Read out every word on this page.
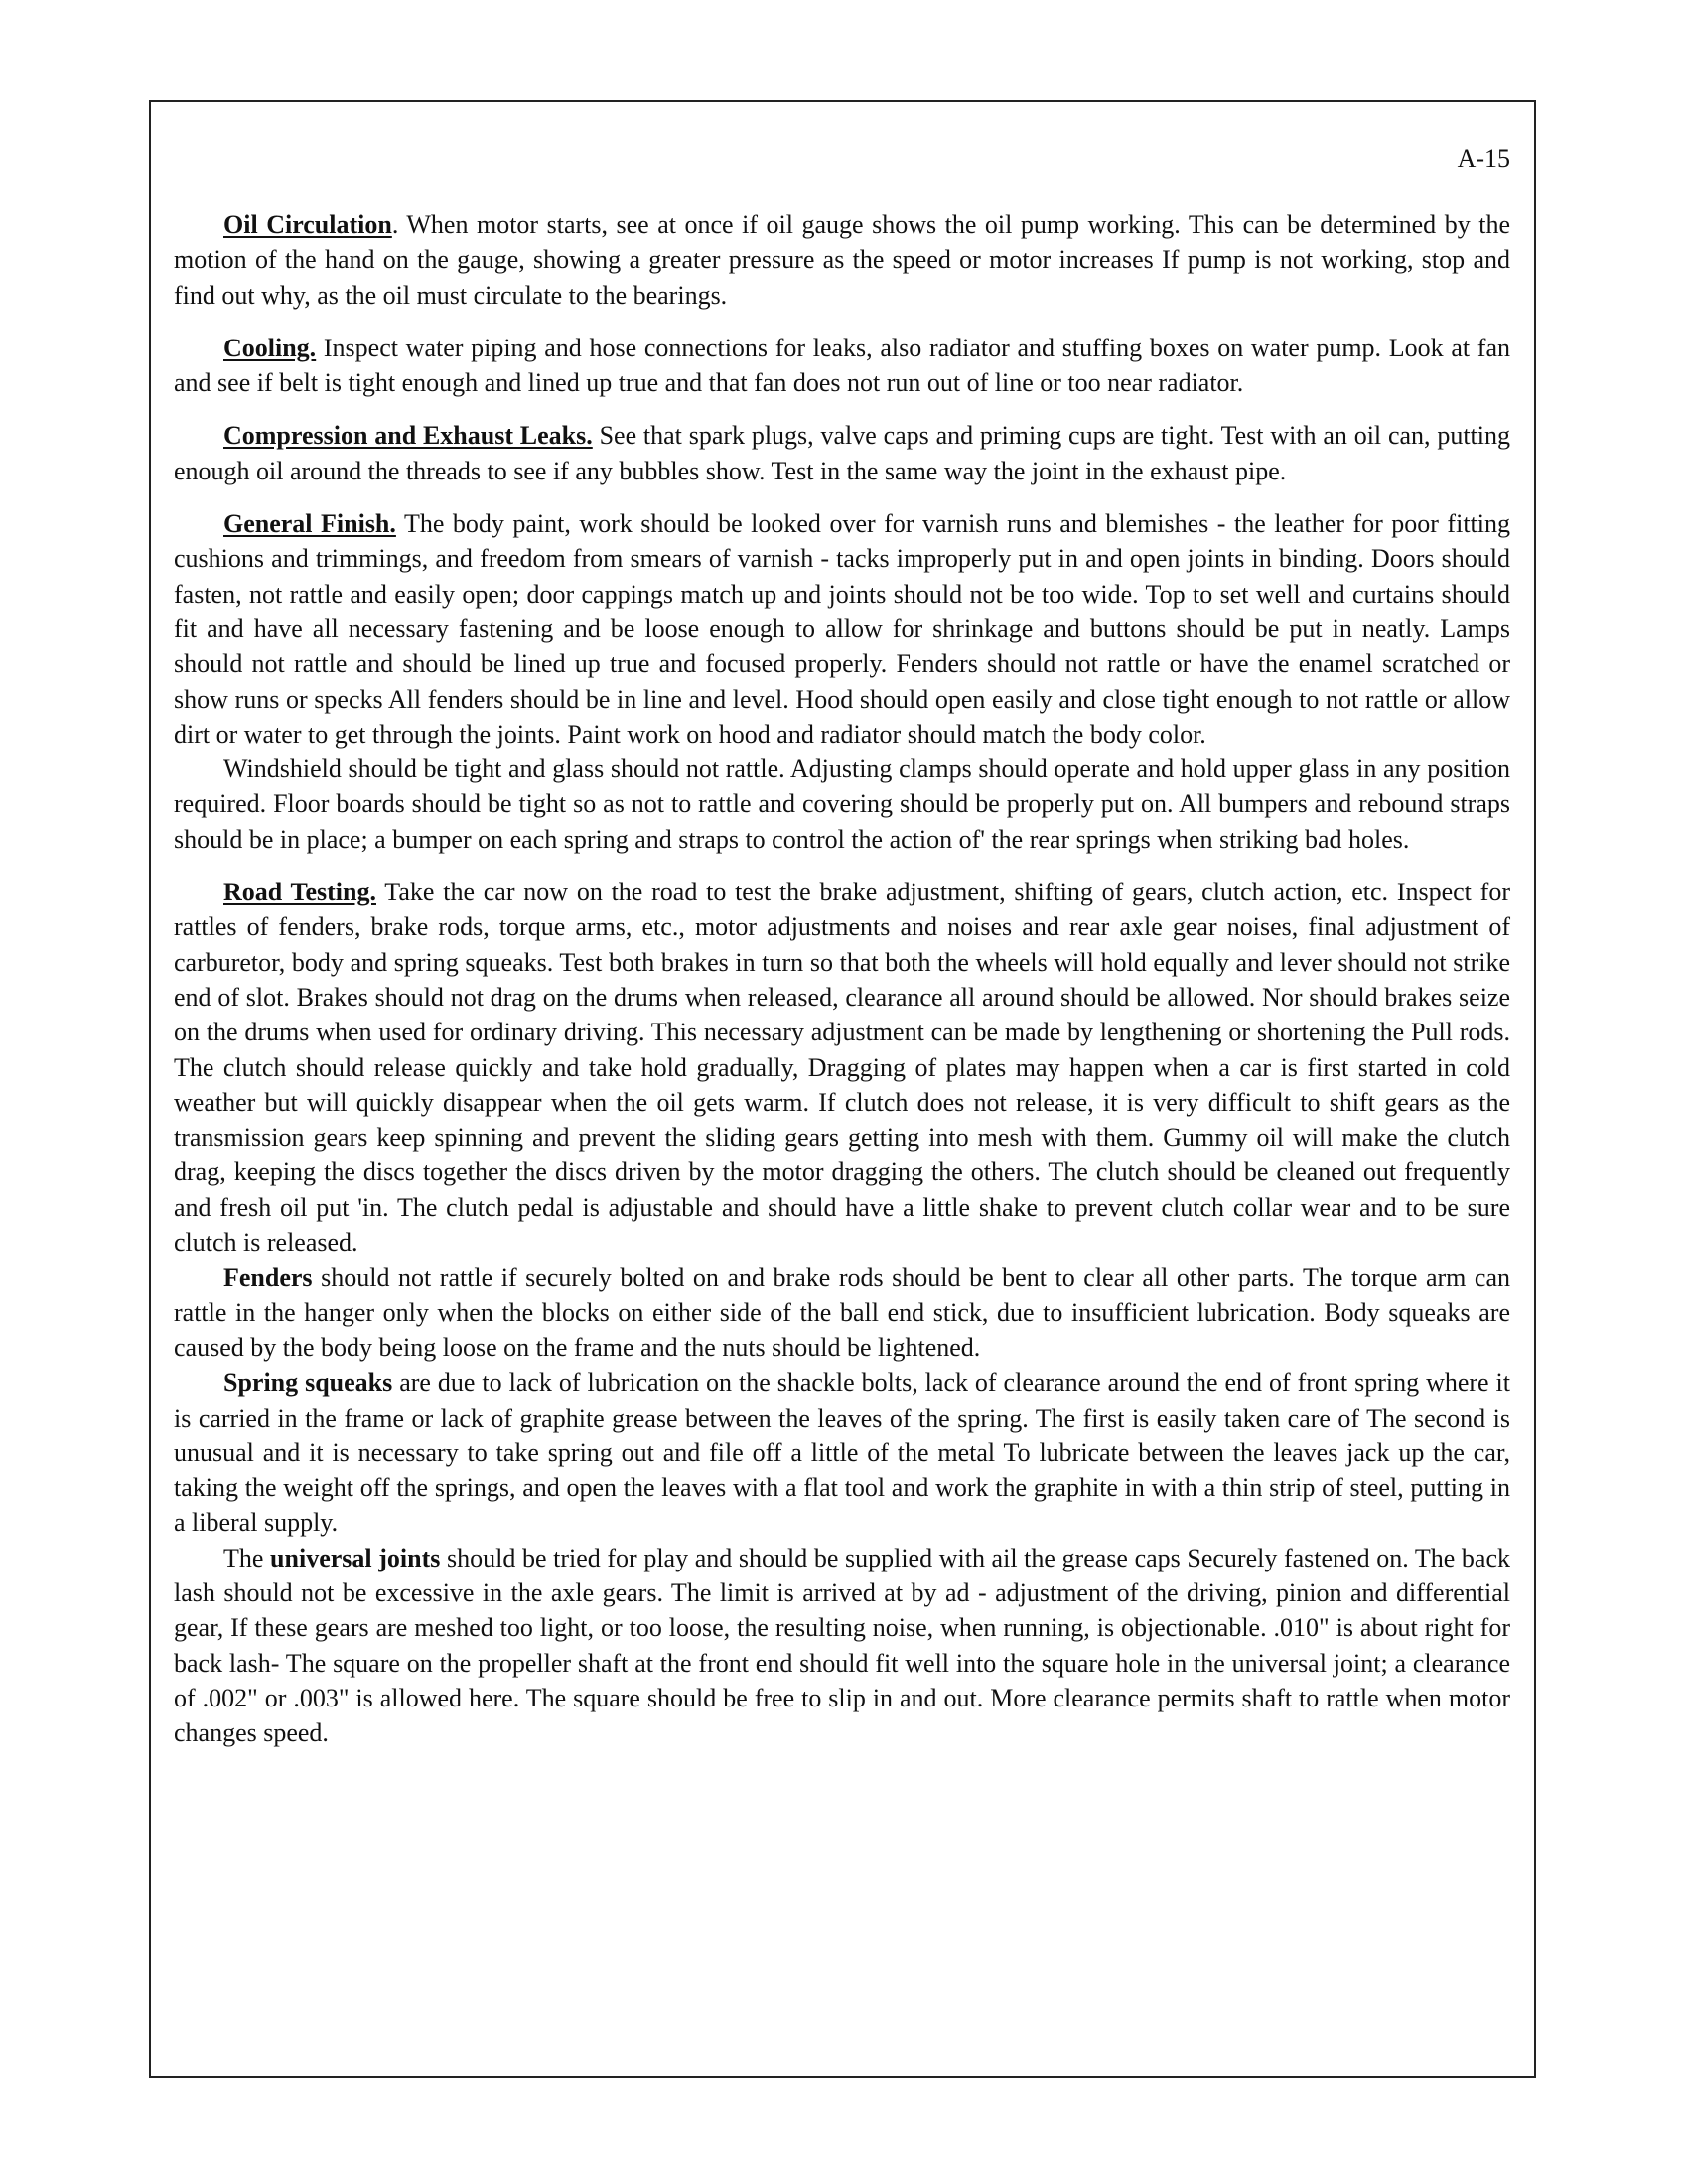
A-15

Oil Circulation. When motor starts, see at once if oil gauge shows the oil pump working. This can be determined by the motion of the hand on the gauge, showing a greater pressure as the speed or motor increases If pump is not working, stop and find out why, as the oil must circulate to the bearings.

Cooling. Inspect water piping and hose connections for leaks, also radiator and stuffing boxes on water pump. Look at fan and see if belt is tight enough and lined up true and that fan does not run out of line or too near radiator.

Compression and Exhaust Leaks. See that spark plugs, valve caps and priming cups are tight. Test with an oil can, putting enough oil around the threads to see if any bubbles show. Test in the same way the joint in the exhaust pipe.

General Finish. The body paint, work should be looked over for varnish runs and blemishes - the leather for poor fitting cushions and trimmings, and freedom from smears of varnish - tacks improperly put in and open joints in binding. Doors should fasten, not rattle and easily open; door cappings match up and joints should not be too wide. Top to set well and curtains should fit and have all necessary fastening and be loose enough to allow for shrinkage and buttons should be put in neatly. Lamps should not rattle and should be lined up true and focused properly. Fenders should not rattle or have the enamel scratched or show runs or specks All fenders should be in line and level. Hood should open easily and close tight enough to not rattle or allow dirt or water to get through the joints. Paint work on hood and radiator should match the body color.

Windshield should be tight and glass should not rattle. Adjusting clamps should operate and hold upper glass in any position required. Floor boards should be tight so as not to rattle and covering should be properly put on. All bumpers and rebound straps should be in place; a bumper on each spring and straps to control the action of' the rear springs when striking bad holes.

Road Testing. Take the car now on the road to test the brake adjustment, shifting of gears, clutch action, etc. Inspect for rattles of fenders, brake rods, torque arms, etc., motor adjustments and noises and rear axle gear noises, final adjustment of carburetor, body and spring squeaks. Test both brakes in turn so that both the wheels will hold equally and lever should not strike end of slot. Brakes should not drag on the drums when released, clearance all around should be allowed. Nor should brakes seize on the drums when used for ordinary driving. This necessary adjustment can be made by lengthening or shortening the Pull rods. The clutch should release quickly and take hold gradually, Dragging of plates may happen when a car is first started in cold weather but will quickly disappear when the oil gets warm. If clutch does not release, it is very difficult to shift gears as the transmission gears keep spinning and prevent the sliding gears getting into mesh with them. Gummy oil will make the clutch drag, keeping the discs together the discs driven by the motor dragging the others. The clutch should be cleaned out frequently and fresh oil put 'in. The clutch pedal is adjustable and should have a little shake to prevent clutch collar wear and to be sure clutch is released.

Fenders should not rattle if securely bolted on and brake rods should be bent to clear all other parts. The torque arm can rattle in the hanger only when the blocks on either side of the ball end stick, due to insufficient lubrication. Body squeaks are caused by the body being loose on the frame and the nuts should be lightened.

Spring squeaks are due to lack of lubrication on the shackle bolts, lack of clearance around the end of front spring where it is carried in the frame or lack of graphite grease between the leaves of the spring. The first is easily taken care of The second is unusual and it is necessary to take spring out and file off a little of the metal To lubricate between the leaves jack up the car, taking the weight off the springs, and open the leaves with a flat tool and work the graphite in with a thin strip of steel, putting in a liberal supply.

The universal joints should be tried for play and should be supplied with ail the grease caps Securely fastened on. The back lash should not be excessive in the axle gears. The limit is arrived at by ad - adjustment of the driving, pinion and differential gear, If these gears are meshed too light, or too loose, the resulting noise, when running, is objectionable. .010" is about right for back lash- The square on the propeller shaft at the front end should fit well into the square hole in the universal joint; a clearance of .002" or .003" is allowed here. The square should be free to slip in and out. More clearance permits shaft to rattle when motor changes speed.
